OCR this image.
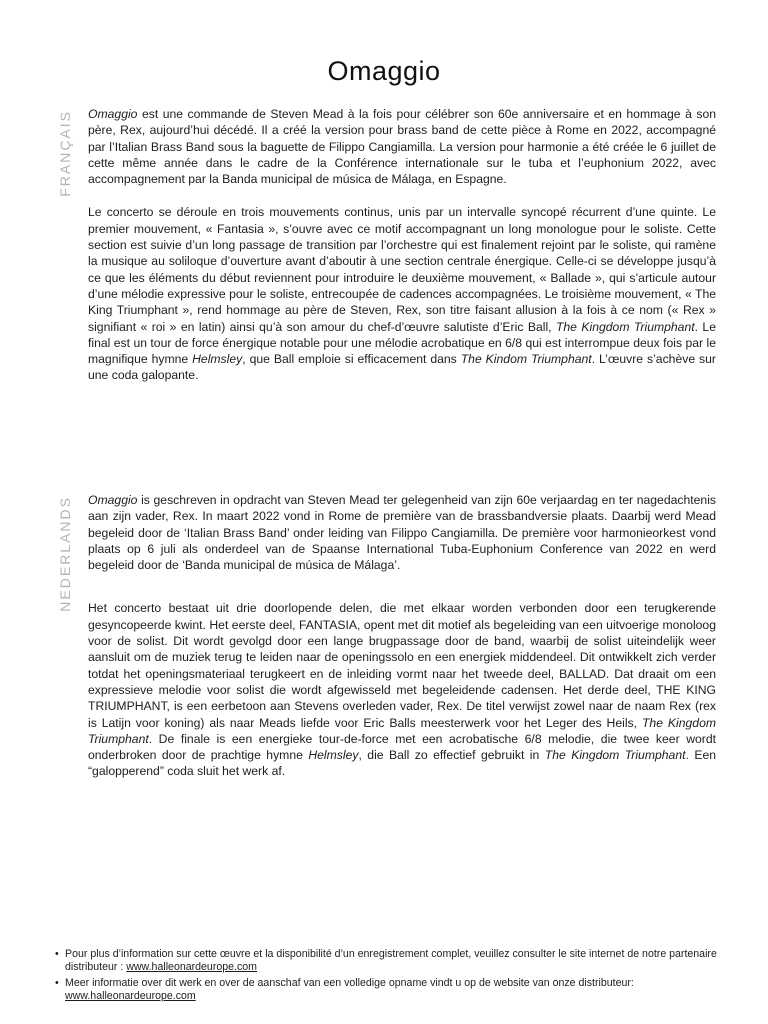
Omaggio
FRANÇAIS Omaggio est une commande de Steven Mead à la fois pour célébrer son 60e anniversaire et en hommage à son père, Rex, aujourd’hui décédé. Il a créé la version pour brass band de cette pièce à Rome en 2022, accompagné par l’Italian Brass Band sous la baguette de Filippo Cangiamilla. La version pour harmonie a été créée le 6 juillet de cette même année dans le cadre de la Conférence internationale sur le tuba et l’euphonium 2022, avec accompagnement par la Banda municipal de música de Málaga, en Espagne.

Le concerto se déroule en trois mouvements continus, unis par un intervalle syncopé récurrent d’une quinte. Le premier mouvement, « Fantasia », s’ouvre avec ce motif accompagnant un long monologue pour le soliste. Cette section est suivie d’un long passage de transition par l’orchestre qui est finalement rejoint par le soliste, qui ramène la musique au soliloque d’ouverture avant d’aboutir à une section centrale énergique. Celle-ci se développe jusqu’à ce que les éléments du début reviennent pour introduire le deuxième mouvement, « Ballade », qui s’articule autour d’une mélodie expressive pour le soliste, entrecoupée de cadences accompagnées. Le troisième mouvement, « The King Triumphant », rend hommage au père de Steven, Rex, son titre faisant allusion à la fois à ce nom (« Rex » signifiant « roi » en latin) ainsi qu’à son amour du chef-d’œuvre salutiste d’Eric Ball, The Kingdom Triumphant. Le final est un tour de force énergique notable pour une mélodie acrobatique en 6/8 qui est interrompue deux fois par le magnifique hymne Helmsley, que Ball emploie si efficacement dans The Kindom Triumphant. L’œuvre s’achève sur une coda galopante.

NEDERLANDS Omaggio is geschreven in opdracht van Steven Mead ter gelegenheid van zijn 60e verjaardag en ter nagedachtenis aan zijn vader, Rex. In maart 2022 vond in Rome de première van de brassbandversie plaats. Daarbij werd Mead begeleid door de ‘Italian Brass Band’ onder leiding van Filippo Cangiamilla. De première voor harmonieorkest vond plaats op 6 juli als onderdeel van de Spaanse International Tuba-Euphonium Conference van 2022 en werd begeleid door de ‘Banda municipal de música de Málaga’.

Het concerto bestaat uit drie doorlopende delen, die met elkaar worden verbonden door een terugkerende gesyncopeerde kwint. Het eerste deel, FANTASIA, opent met dit motief als begeleiding van een uitvoerige monoloog voor de solist. Dit wordt gevolgd door een lange brugpassage door de band, waarbij de solist uiteindelijk weer aansluit om de muziek terug te leiden naar de openingssolo en een energiek middendeel. Dit ontwikkelt zich verder totdat het openingsmateriaal terugkeert en de inleiding vormt naar het tweede deel, BALLAD. Dat draait om een expressieve melodie voor solist die wordt afgewisseld met begeleidende cadensen. Het derde deel, THE KING TRIUMPHANT, is een eerbetoon aan Stevens overleden vader, Rex. De titel verwijst zowel naar de naam Rex (rex is Latijn voor koning) als naar Meads liefde voor Eric Balls meesterwerk voor het Leger des Heils, The Kingdom Triumphant. De finale is een energieke tour-de-force met een acrobatische 6/8 melodie, die twee keer wordt onderbroken door de prachtige hymne Helmsley, die Ball zo effectief gebruikt in The Kingdom Triumphant. Een “galopperend” coda sluit het werk af.

• Pour plus d’information sur cette œuvre et la disponibilité d’un enregistrement complet, veuillez consulter le site internet de notre partenaire distributeur : www.halleonardeurope.com
• Meer informatie over dit werk en over de aanschaf van een volledige opname vindt u op de website van onze distributeur: www.halleonardeurope.com
